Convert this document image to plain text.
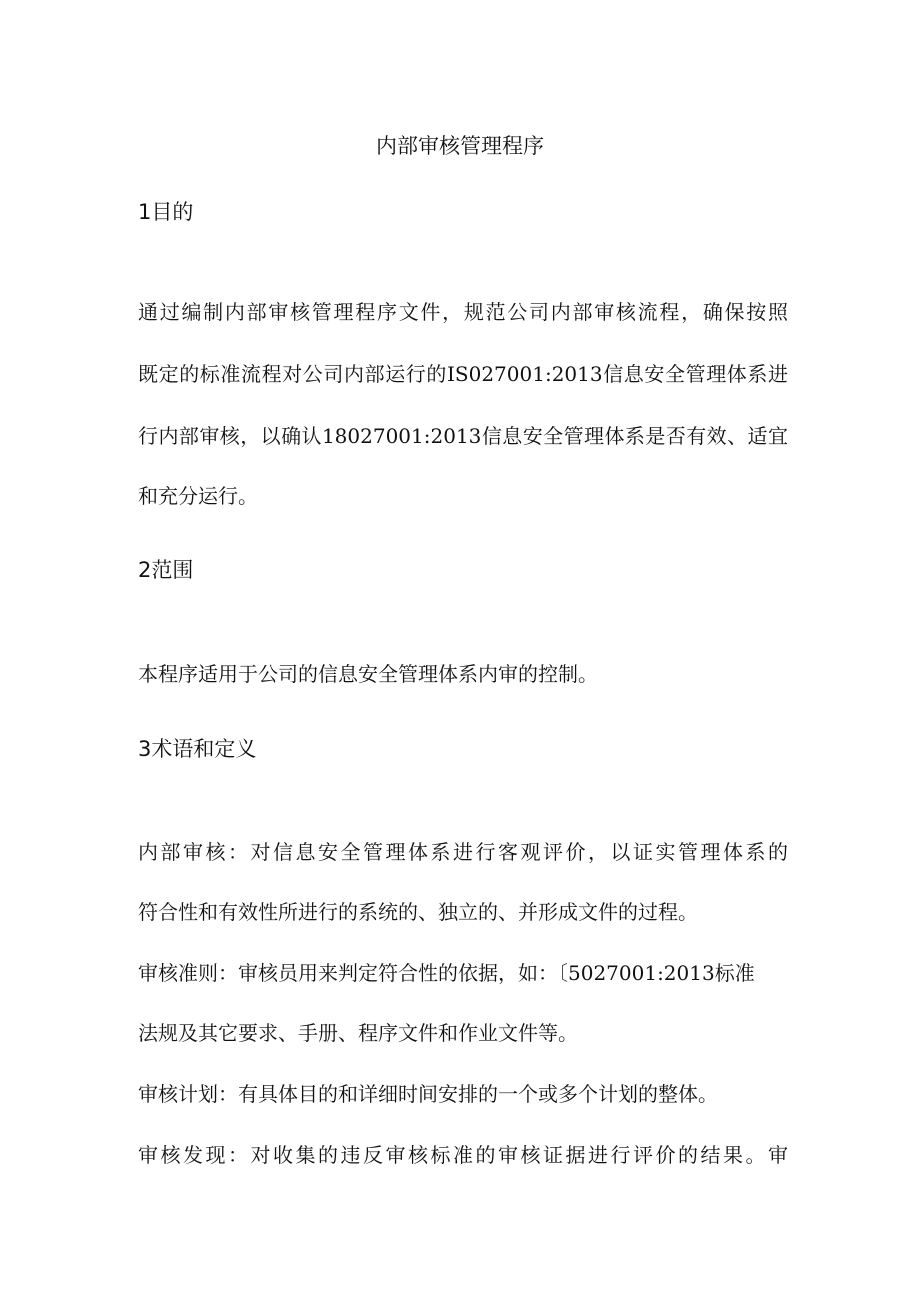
内部审核管理程序
1目的

通过编制内部审核管理程序文件，规范公司内部审核流程，确保按照

既定的标准流程对公司内部运行的IS027001:2013信息安全管理体系进

行内部审核，以确认18027001:2013信息安全管理体系是否有效、适宜

和充分运行。

2范围

本程序适用于公司的信息安全管理体系内审的控制。

3术语和定义

内部审核：对信息安全管理体系进行客观评价，以证实管理体系的

符合性和有效性所进行的系统的、独立的、并形成文件的过程。

审核准则：审核员用来判定符合性的依据，如：〔5027001:2013标准

法规及其它要求、手册、程序文件和作业文件等。

审核计划：有具体目的和详细时间安排的一个或多个计划的整体。

审核发现：对收集的违反审核标准的审核证据进行评价的结果。审
